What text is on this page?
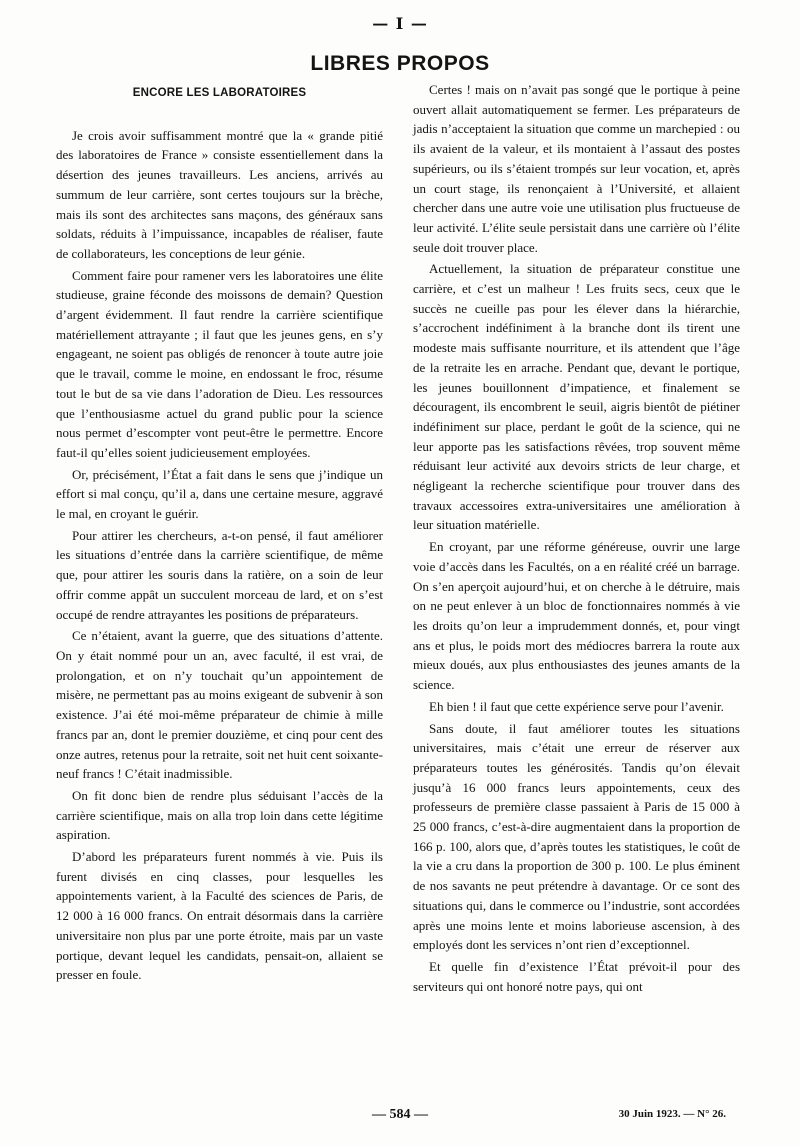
— I —
LIBRES PROPOS
ENCORE LES LABORATOIRES

Je crois avoir suffisamment montré que la « grande pitié des laboratoires de France » consiste essentiellement dans la désertion des jeunes travailleurs. Les anciens, arrivés au summum de leur carrière, sont certes toujours sur la brèche, mais ils sont des architectes sans maçons, des généraux sans soldats, réduits à l’impuissance, incapables de réaliser, faute de collaborateurs, les conceptions de leur génie.

Comment faire pour ramener vers les laboratoires une élite studieuse, graine féconde des moissons de demain? Question d’argent évidemment. Il faut rendre la carrière scientifique matériellement attrayante ; il faut que les jeunes gens, en s’y engageant, ne soient pas obligés de renoncer à toute autre joie que le travail, comme le moine, en endossant le froc, résume tout le but de sa vie dans l’adoration de Dieu. Les ressources que l’enthousiasme actuel du grand public pour la science nous permet d’escompter vont peut-être le permettre. Encore faut-il qu’elles soient judicieusement employées.

Or, précisément, l’État a fait dans le sens que j’indique un effort si mal conçu, qu’il a, dans une certaine mesure, aggravé le mal, en croyant le guérir.

Pour attirer les chercheurs, a-t-on pensé, il faut améliorer les situations d’entrée dans la carrière scientifique, de même que, pour attirer les souris dans la ratière, on a soin de leur offrir comme appât un succulent morceau de lard, et on s’est occupé de rendre attrayantes les positions de préparateurs.

Ce n’étaient, avant la guerre, que des situations d’attente. On y était nommé pour un an, avec faculté, il est vrai, de prolongation, et on n’y touchait qu’un appointement de misère, ne permettant pas au moins exigeant de subvenir à son existence. J’ai été moi-même préparateur de chimie à mille francs par an, dont le premier douzième, et cinq pour cent des onze autres, retenus pour la retraite, soit net huit cent soixante-neuf francs ! C’était inadmissible.

On fit donc bien de rendre plus séduisant l’accès de la carrière scientifique, mais on alla trop loin dans cette légitime aspiration.

D’abord les préparateurs furent nommés à vie. Puis ils furent divisés en cinq classes, pour lesquelles les appointements varient, à la Faculté des sciences de Paris, de 12 000 à 16 000 francs. On entrait désormais dans la carrière universitaire non plus par une porte étroite, mais par un vaste portique, devant lequel les candidats, pensait-on, allaient se presser en foule.

Certes ! mais on n’avait pas songé que le portique à peine ouvert allait automatiquement se fermer. Les préparateurs de jadis n’acceptaient la situation que comme un marchepied : ou ils avaient de la valeur, et ils montaient à l’assaut des postes supérieurs, ou ils s’étaient trompés sur leur vocation, et, après un court stage, ils renonçaient à l’Université, et allaient chercher dans une autre voie une utilisation plus fructueuse de leur activité. L’élite seule persistait dans une carrière où l’élite seule doit trouver place.

Actuellement, la situation de préparateur constitue une carrière, et c’est un malheur ! Les fruits secs, ceux que le succès ne cueille pas pour les élever dans la hiérarchie, s’accrochent indéfiniment à la branche dont ils tirent une modeste mais suffisante nourriture, et ils attendent que l’âge de la retraite les en arrache. Pendant que, devant le portique, les jeunes bouillonnent d’impatience, et finalement se découragent, ils encombrent le seuil, aigris bientôt de piétiner indéfiniment sur place, perdant le goût de la science, qui ne leur apporte pas les satisfactions rêvées, trop souvent même réduisant leur activité aux devoirs stricts de leur charge, et négligeant la recherche scientifique pour trouver dans des travaux accessoires extra-universitaires une amélioration à leur situation matérielle.

En croyant, par une réforme généreuse, ouvrir une large voie d’accès dans les Facultés, on a en réalité créé un barrage. On s’en aperçoit aujourd’hui, et on cherche à le détruire, mais on ne peut enlever à un bloc de fonctionnaires nommés à vie les droits qu’on leur a imprudemment donnés, et, pour vingt ans et plus, le poids mort des médiocres barrera la route aux mieux doués, aux plus enthousiastes des jeunes amants de la science.

Eh bien ! il faut que cette expérience serve pour l’avenir.

Sans doute, il faut améliorer toutes les situations universitaires, mais c’était une erreur de réserver aux préparateurs toutes les générosités. Tandis qu’on élevait jusqu’à 16 000 francs leurs appointements, ceux des professeurs de première classe passaient à Paris de 15 000 à 25 000 francs, c’est-à-dire augmentaient dans la proportion de 166 p. 100, alors que, d’après toutes les statistiques, le coût de la vie a cru dans la proportion de 300 p. 100. Le plus éminent de nos savants ne peut prétendre à davantage. Or ce sont des situations qui, dans le commerce ou l’industrie, sont accordées après une moins lente et moins laborieuse ascension, à des employés dont les services n’ont rien d’exceptionnel.

Et quelle fin d’existence l’État prévoit-il pour des serviteurs qui ont honoré notre pays, qui ont

— 584 —	30 Juin 1923. — N° 26.
